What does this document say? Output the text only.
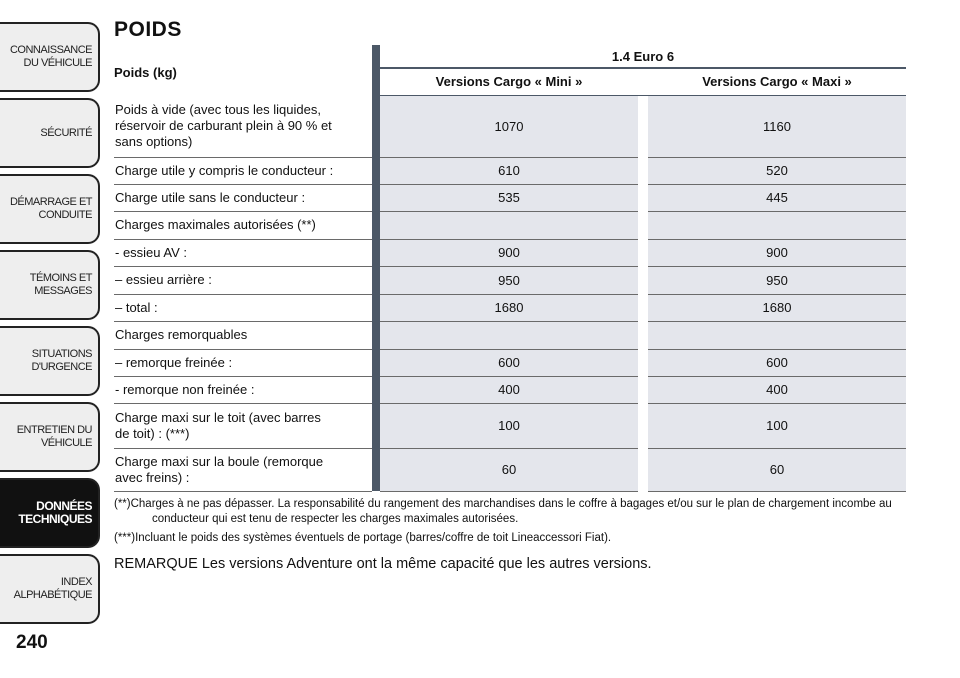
CONNAISSANCE
DU VÉHICULE
SÉCURITÉ
DÉMARRAGE ET
CONDUITE
TÉMOINS ET
MESSAGES
SITUATIONS
D'URGENCE
ENTRETIEN DU
VÉHICULE
DONNÉES
TECHNIQUES
INDEX
ALPHABÉTIQUE
240
POIDS
Poids (kg)		1.4 Euro 6		
		Versions Cargo « Mini »		Versions Cargo « Maxi »
Poids à vide (avec tous les liquides,
réservoir de carburant plein à 90 % et
sans options)		1070		1160
Charge utile y compris le conducteur :		610		520
Charge utile sans le conducteur :		535		445
Charges maximales autorisées (**)				
- essieu AV :		900		900
– essieu arrière :		950		950
– total :		1680		1680
Charges remorquables				
– remorque freinée :		600		600
- remorque non freinée :		400		400
Charge maxi sur le toit (avec barres
de toit) : (***)		100		100
Charge maxi sur la boule (remorque
avec freins) :		60		60

(**)Charges à ne pas dépasser. La responsabilité du rangement des marchandises dans le coffre à bagages et/ou sur le plan de chargement incombe au conducteur qui est tenu de respecter les charges maximales autorisées.

(***)Incluant le poids des systèmes éventuels de portage (barres/coffre de toit Lineaccessori Fiat).

REMARQUE Les versions Adventure ont la même capacité que les autres versions.
